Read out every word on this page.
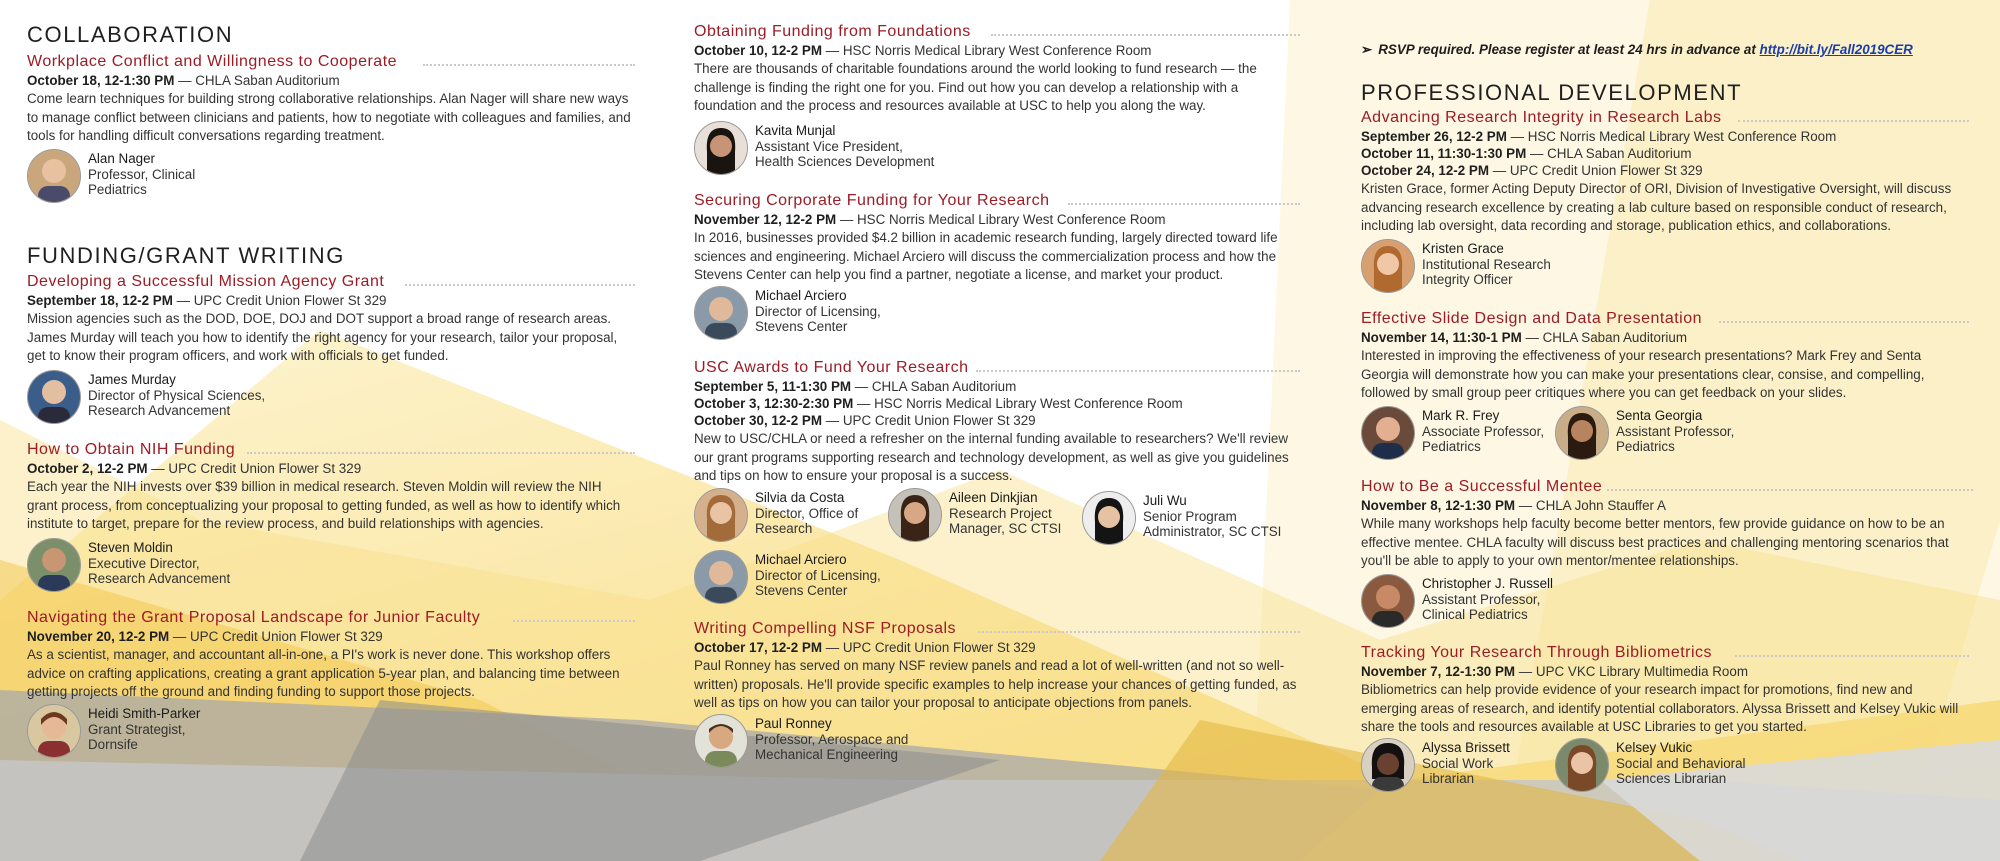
COLLABORATION
Workplace Conflict and Willingness to Cooperate
October 18, 12-1:30 PM — CHLA Saban Auditorium

Come learn techniques for building strong collaborative relationships. Alan Nager will share new ways to manage conflict between clinicians and patients, how to negotiate with colleagues and families, and tools for handling difficult conversations regarding treatment.

Alan Nager
Professor, Clinical
Pediatrics
FUNDING/GRANT WRITING
Developing a Successful Mission Agency Grant
September 18, 12-2 PM — UPC Credit Union Flower St 329

Mission agencies such as the DOD, DOE, DOJ and DOT support a broad range of research areas. James Murday will teach you how to identify the right agency for your research, tailor your proposal, get to know their program officers, and work with officials to get funded.

James Murday
Director of Physical Sciences,
Research Advancement
How to Obtain NIH Funding
October 2, 12-2 PM — UPC Credit Union Flower St 329

Each year the NIH invests over $39 billion in medical research. Steven Moldin will review the NIH grant process, from conceptualizing your proposal to getting funded, as well as how to identify which institute to target, prepare for the review process, and build relationships with agencies.

Steven Moldin
Executive Director,
Research Advancement
Navigating the Grant Proposal Landscape for Junior Faculty
November 20, 12-2 PM — UPC Credit Union Flower St 329

As a scientist, manager, and accountant all-in-one, a PI's work is never done. This workshop offers advice on crafting applications, creating a grant application 5-year plan, and balancing time between getting projects off the ground and finding funding to support those projects.

Heidi Smith-Parker
Grant Strategist,
Dornsife
Obtaining Funding from Foundations
October 10, 12-2 PM — HSC Norris Medical Library West Conference Room

There are thousands of charitable foundations around the world looking to fund research — the challenge is finding the right one for you. Find out how you can develop a relationship with a foundation and the process and resources available at USC to help you along the way.

Kavita Munjal
Assistant Vice President,
Health Sciences Development
Securing Corporate Funding for Your Research
November 12, 12-2 PM — HSC Norris Medical Library West Conference Room

In 2016, businesses provided $4.2 billion in academic research funding, largely directed toward life sciences and engineering. Michael Arciero will discuss the commercialization process and how the Stevens Center can help you find a partner, negotiate a license, and market your product.

Michael Arciero
Director of Licensing,
Stevens Center
USC Awards to Fund Your Research
September 5, 11-1:30 PM — CHLA Saban Auditorium
October 3, 12:30-2:30 PM — HSC Norris Medical Library West Conference Room
October 30, 12-2 PM — UPC Credit Union Flower St 329

New to USC/CHLA or need a refresher on the internal funding available to researchers? We'll review our grant programs supporting research and technology development, as well as give you guidelines and tips on how to ensure your proposal is a success.

Silvia da Costa
Director, Office of
Research
Aileen Dinkjian
Research Project
Manager, SC CTSI
Juli Wu
Senior Program
Administrator, SC CTSI
Michael Arciero
Director of Licensing,
Stevens Center
Writing Compelling NSF Proposals
October 17, 12-2 PM — UPC Credit Union Flower St 329

Paul Ronney has served on many NSF review panels and read a lot of well-written (and not so well-written) proposals. He'll provide specific examples to help increase your chances of getting funded, as well as tips on how you can tailor your proposal to anticipate objections from panels.

Paul Ronney
Professor, Aerospace and
Mechanical Engineering
➢ RSVP required. Please register at least 24 hrs in advance at http://bit.ly/Fall2019CER
PROFESSIONAL DEVELOPMENT
Advancing Research Integrity in Research Labs
September 26, 12-2 PM — HSC Norris Medical Library West Conference Room
October 11, 11:30-1:30 PM — CHLA Saban Auditorium
October 24, 12-2 PM — UPC Credit Union Flower St 329

Kristen Grace, former Acting Deputy Director of ORI, Division of Investigative Oversight, will discuss advancing research excellence by creating a lab culture based on responsible conduct of research, including lab oversight, data recording and storage, publication ethics, and collaborations.

Kristen Grace
Institutional Research
Integrity Officer
Effective Slide Design and Data Presentation
November 14, 11:30-1 PM — CHLA Saban Auditorium

Interested in improving the effectiveness of your research presentations? Mark Frey and Senta Georgia will demonstrate how you can make your presentations clear, consise, and compelling, followed by small group peer critiques where you can get feedback on your slides.

Mark R. Frey
Associate Professor,
Pediatrics
Senta Georgia
Assistant Professor,
Pediatrics
How to Be a Successful Mentee
November 8, 12-1:30 PM — CHLA John Stauffer A

While many workshops help faculty become better mentors, few provide guidance on how to be an effective mentee. CHLA faculty will discuss best practices and challenging mentoring scenarios that you'll be able to apply to your own mentor/mentee relationships.

Christopher J. Russell
Assistant Professor,
Clinical Pediatrics
Tracking Your Research Through Bibliometrics
November 7, 12-1:30 PM — UPC VKC Library Multimedia Room

Bibliometrics can help provide evidence of your research impact for promotions, find new and emerging areas of research, and identify potential collaborators. Alyssa Brissett and Kelsey Vukic will share the tools and resources available at USC Libraries to get you started.

Alyssa Brissett
Social Work
Librarian
Kelsey Vukic
Social and Behavioral
Sciences Librarian
